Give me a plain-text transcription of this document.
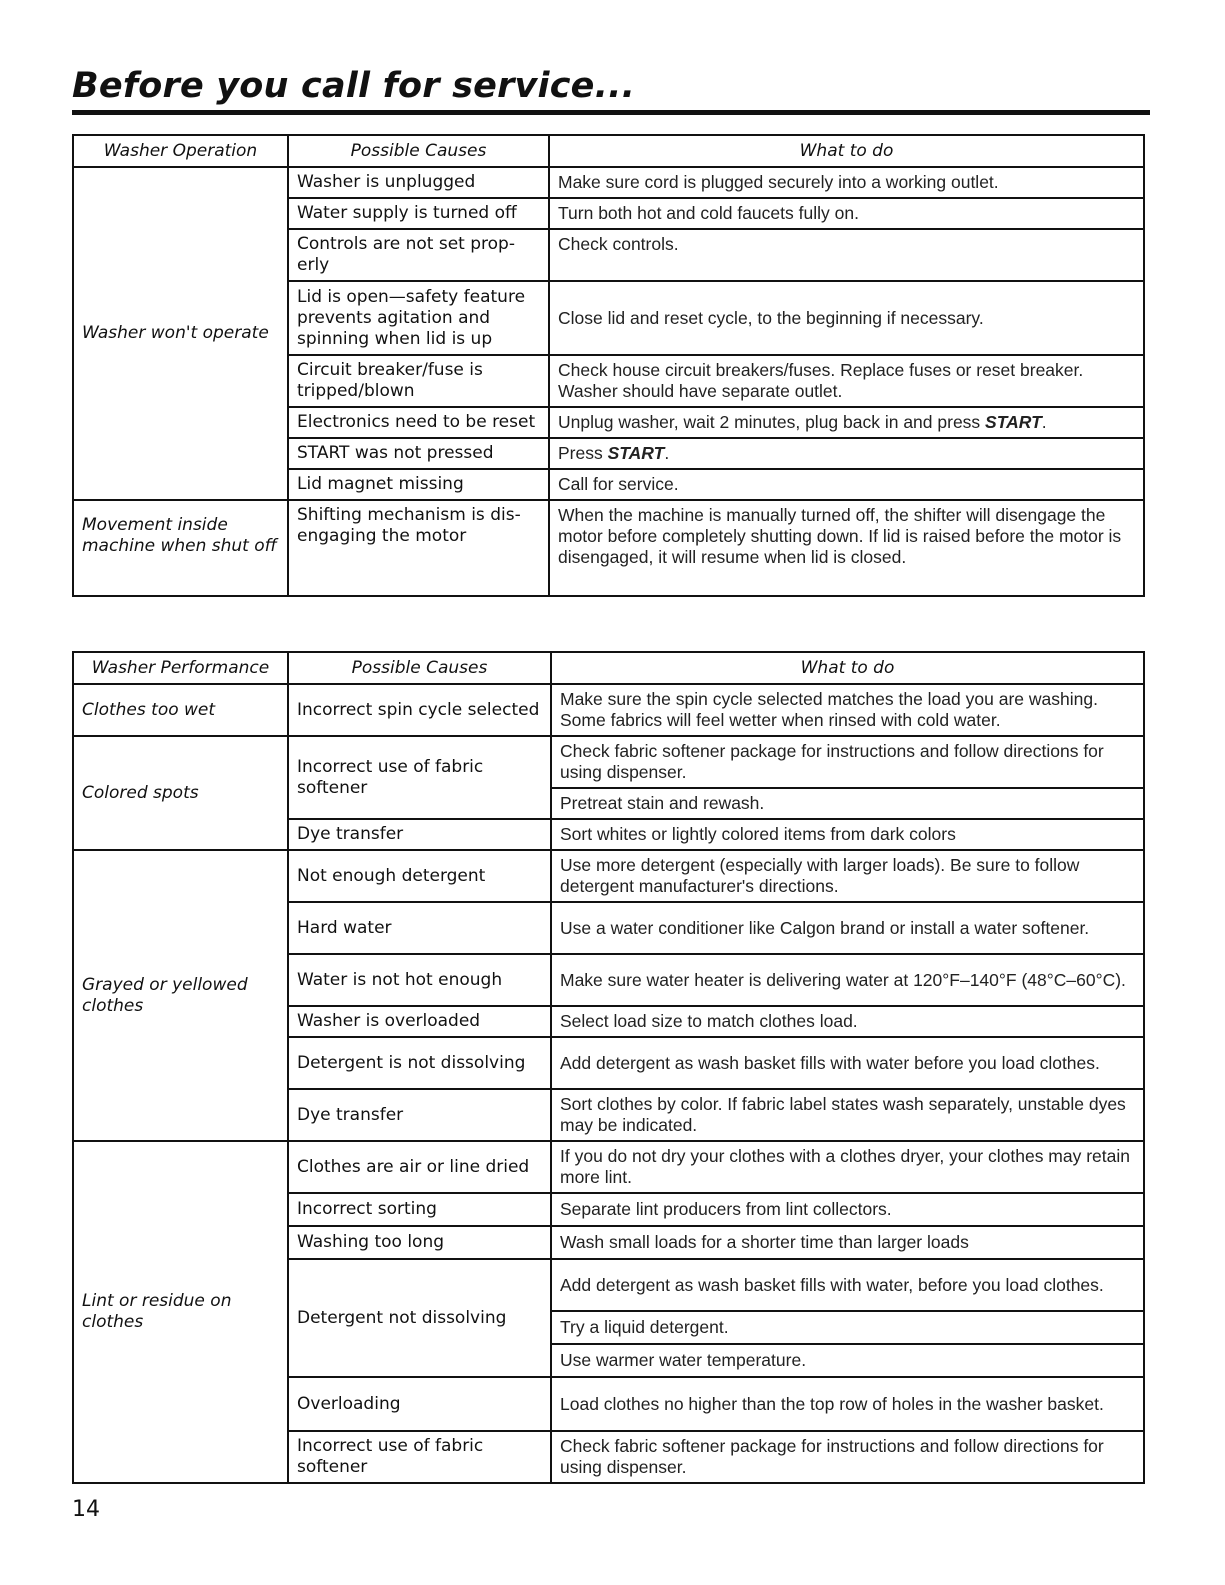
Before you call for service...
Washer Operation	Possible Causes	What to do
Washer won't operate	Washer is unplugged	Make sure cord is plugged securely into a working outlet.
	Water supply is turned off	Turn both hot and cold faucets fully on.
	Controls are not set prop-erly	Check controls.
	Lid is open—safety feature prevents agitation and spinning when lid is up	Close lid and reset cycle, to the beginning if necessary.
	Circuit breaker/fuse is tripped/blown	Check house circuit breakers/fuses. Replace fuses or reset breaker. Washer should have separate outlet.
	Electronics need to be reset	Unplug washer, wait 2 minutes, plug back in and press START.
	START was not pressed	Press START.
	Lid magnet missing	Call for service.
Movement inside machine when shut off	Shifting mechanism is dis-engaging the motor	When the machine is manually turned off, the shifter will disengage the motor before completely shutting down. If lid is raised before the motor is disengaged, it will resume when lid is closed.
Washer Performance	Possible Causes	What to do
Clothes too wet	Incorrect spin cycle selected	Make sure the spin cycle selected matches the load you are washing. Some fabrics will feel wetter when rinsed with cold water.
Colored spots	Incorrect use of fabric softener	Check fabric softener package for instructions and follow directions for using dispenser.
		Pretreat stain and rewash.
	Dye transfer	Sort whites or lightly colored items from dark colors
Grayed or yellowed clothes	Not enough detergent	Use more detergent (especially with larger loads). Be sure to follow detergent manufacturer's directions.
	Hard water	Use a water conditioner like Calgon brand or install a water softener.
	Water is not hot enough	Make sure water heater is delivering water at 120°F–140°F (48°C–60°C).
	Washer is overloaded	Select load size to match clothes load.
	Detergent is not dissolving	Add detergent as wash basket fills with water before you load clothes.
	Dye transfer	Sort clothes by color. If fabric label states wash separately, unstable dyes may be indicated.
Lint or residue on clothes	Clothes are air or line dried	If you do not dry your clothes with a clothes dryer, your clothes may retain more lint.
	Incorrect sorting	Separate lint producers from lint collectors.
	Washing too long	Wash small loads for a shorter time than larger loads
	Detergent not dissolving	Add detergent as wash basket fills with water, before you load clothes.
		Try a liquid detergent.
		Use warmer water temperature.
	Overloading	Load clothes no higher than the top row of holes in the washer basket.
	Incorrect use of fabric softener	Check fabric softener package for instructions and follow directions for using dispenser.
14
